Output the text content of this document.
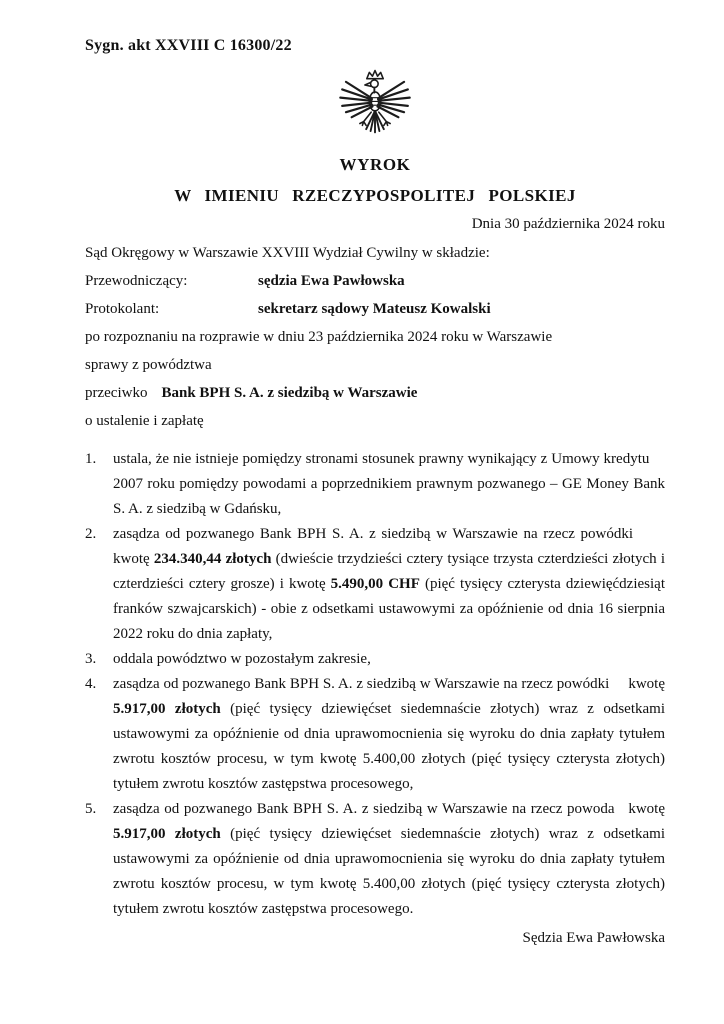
Sygn. akt XXVIII C 16300/22
WYROK
W IMIENIU RZECZYPOSPOLITEJ POLSKIEJ
Dnia 30 października 2024 roku
Sąd Okręgowy w Warszawie XXVIII Wydział Cywilny w składzie:
Przewodniczący:	sędzia Ewa Pawłowska
Protokolant:	sekretarz sądowy Mateusz Kowalski
po rozpoznaniu na rozprawie w dniu 23 października 2024 roku w Warszawie
sprawy z powództwa
przeciwko Bank BPH S. A. z siedzibą w Warszawie
o ustalenie i zapłatę
1.	ustala, że nie istnieje pomiędzy stronami stosunek prawny wynikający z Umowy kredytu     2007 roku pomiędzy powodami a poprzednikiem prawnym pozwanego – GE Money Bank S. A. z siedzibą w Gdańsku,
2.	zasądza od pozwanego Bank BPH S. A. z siedzibą w Warszawie na rzecz powódki       kwotę 234.340,44 złotych (dwieście trzydzieści cztery tysiące trzysta czterdzieści złotych i czterdzieści cztery grosze) i kwotę 5.490,00 CHF (pięć tysięcy czterysta dziewięćdziesiąt franków szwajcarskich) - obie z odsetkami ustawowymi za opóźnienie od dnia 16 sierpnia 2022 roku do dnia zapłaty,
3.	oddala powództwo w pozostałym zakresie,
4.	zasądza od pozwanego Bank BPH S. A. z siedzibą w Warszawie na rzecz powódki     kwotę 5.917,00 złotych (pięć tysięcy dziewięćset siedemnaście złotych) wraz z odsetkami ustawowymi za opóźnienie od dnia uprawomocnienia się wyroku do dnia zapłaty tytułem zwrotu kosztów procesu, w tym kwotę 5.400,00 złotych (pięć tysięcy czterysta złotych) tytułem zwrotu kosztów zastępstwa procesowego,
5.	zasądza od pozwanego Bank BPH S. A. z siedzibą w Warszawie na rzecz powoda   kwotę 5.917,00 złotych (pięć tysięcy dziewięćset siedemnaście złotych) wraz z odsetkami ustawowymi za opóźnienie od dnia uprawomocnienia się wyroku do dnia zapłaty tytułem zwrotu kosztów procesu, w tym kwotę 5.400,00 złotych (pięć tysięcy czterysta złotych) tytułem zwrotu kosztów zastępstwa procesowego.
Sędzia Ewa Pawłowska
